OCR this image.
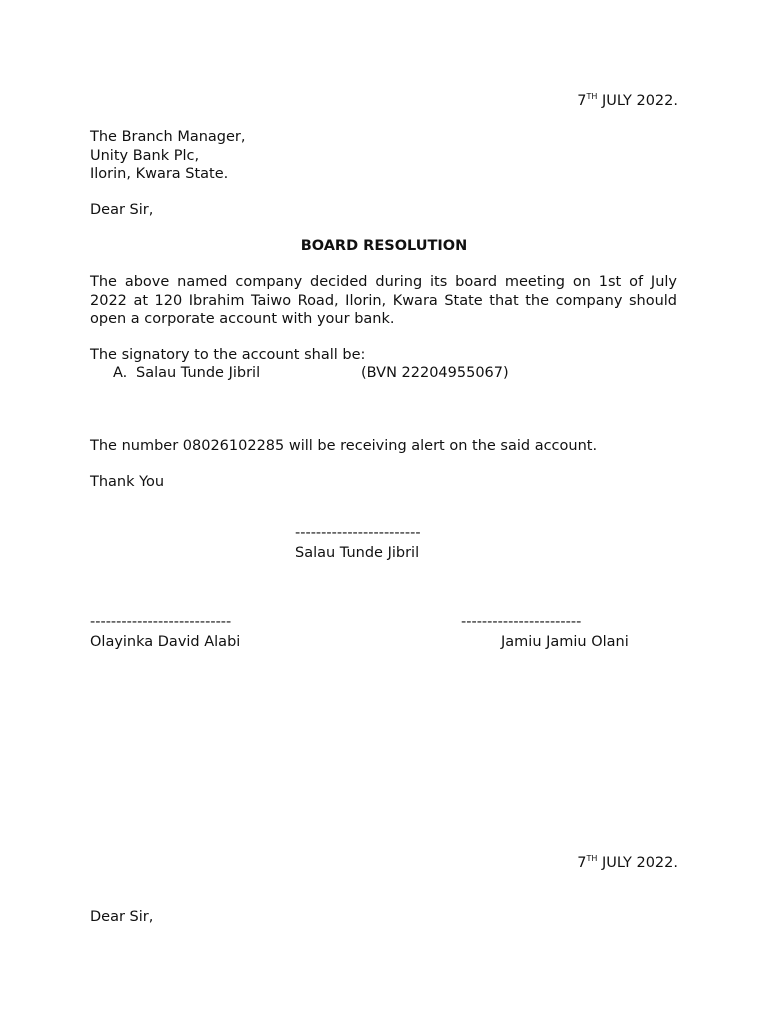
7TH JULY 2022.
The Branch Manager,
Unity Bank Plc,
Ilorin, Kwara State.
Dear Sir,
BOARD RESOLUTION
The above named company decided during its board meeting on 1st of July 2022 at 120 Ibrahim Taiwo Road, Ilorin, Kwara State that the company should open a corporate account with your bank.
The signatory to the account shall be:
A. Salau Tunde Jibril	(BVN 22204955067)
The number 08026102285 will be receiving alert on the said account.
Thank You
------------------------
Salau Tunde Jibril
---------------------------
Olayinka David Alabi
-----------------------
Jamiu Jamiu Olani
7TH JULY 2022.
Dear Sir,
